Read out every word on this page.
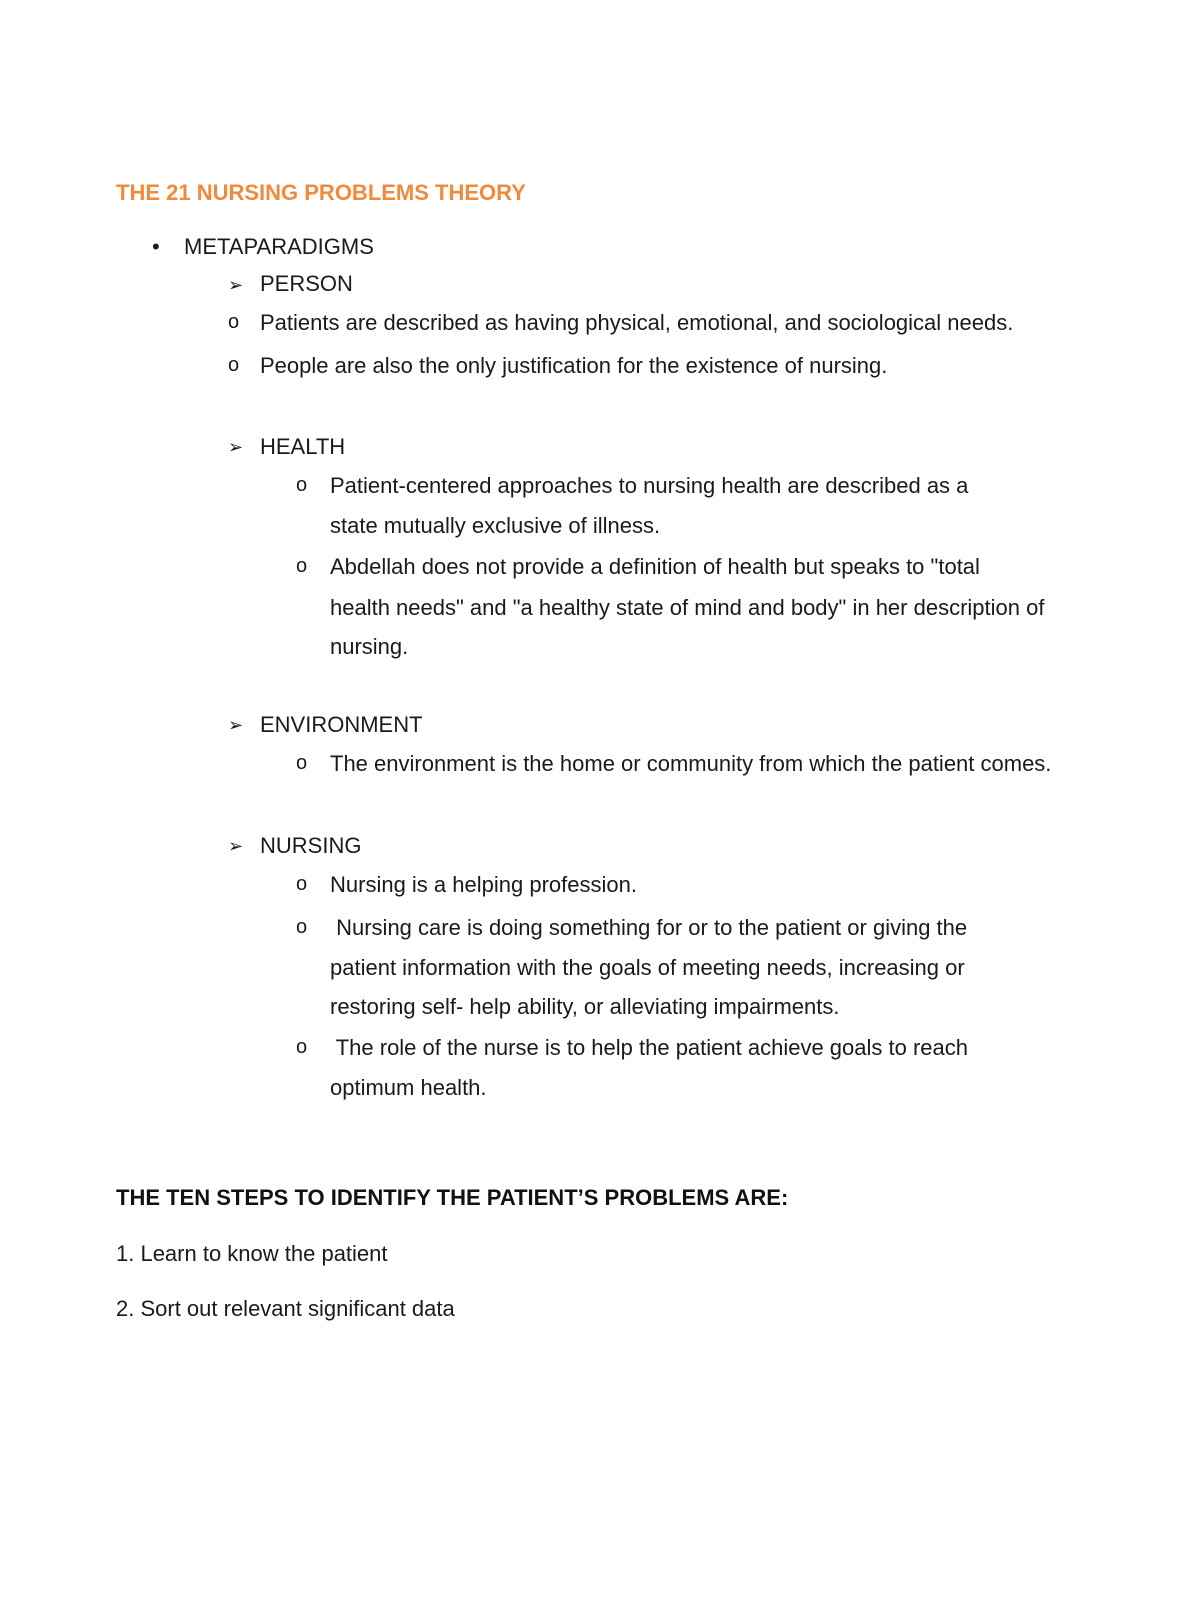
THE 21 NURSING PROBLEMS THEORY
• METAPARADIGMS
➢ PERSON
o Patients are described as having physical, emotional, and sociological needs.
o People are also the only justification for the existence of nursing.
➢ HEALTH
o Patient-centered approaches to nursing health are described as a
state mutually exclusive of illness.
o Abdellah does not provide a definition of health but speaks to "total
health needs" and "a healthy state of mind and body" in her description of
nursing.
➢ ENVIRONMENT
o The environment is the home or community from which the patient comes.
➢ NURSING
o Nursing is a helping profession.
o Nursing care is doing something for or to the patient or giving the
patient information with the goals of meeting needs, increasing or
restoring self- help ability, or alleviating impairments.
o The role of the nurse is to help the patient achieve goals to reach
optimum health.
THE TEN STEPS TO IDENTIFY THE PATIENT’S PROBLEMS ARE:
1. Learn to know the patient
2. Sort out relevant significant data
